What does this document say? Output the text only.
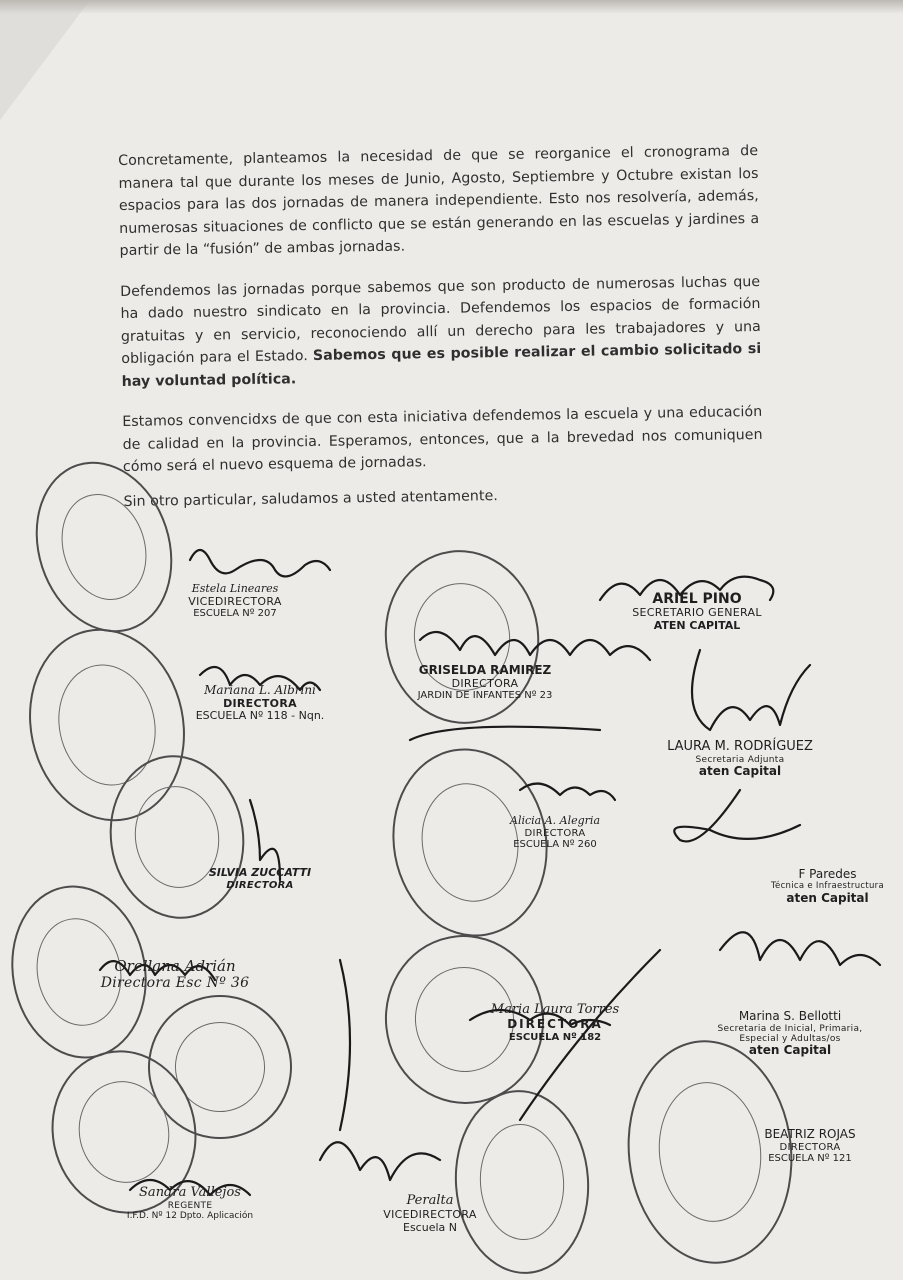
Concretamente, planteamos la necesidad de que se reorganice el cronograma de manera tal que durante los meses de Junio, Agosto, Septiembre y Octubre existan los espacios para las dos jornadas de manera independiente. Esto nos resolvería, además, numerosas situaciones de conflicto que se están generando en las escuelas y jardines a partir de la “fusión” de ambas jornadas.

Defendemos las jornadas porque sabemos que son producto de numerosas luchas que ha dado nuestro sindicato en la provincia. Defendemos los espacios de formación gratuitas y en servicio, reconociendo allí un derecho para les trabajadores y una obligación para el Estado. Sabemos que es posible realizar el cambio solicitado si hay voluntad política.

Estamos convencidxs de que con esta iniciativa defendemos la escuela y una educación de calidad en la provincia. Esperamos, entonces, que a la brevedad nos comuniquen cómo será el nuevo esquema de jornadas.

Sin otro particular, saludamos a usted atentamente.

Estela Lineares
VICEDIRECTORA
ESCUELA Nº 207
ARIEL PINO
SECRETARIO GENERAL
ATEN CAPITAL
GRISELDA RAMIREZ
DIRECTORA
JARDIN DE INFANTES Nº 23
Mariana L. Albrini
DIRECTORA
ESCUELA Nº 118 - Nqn.
LAURA M. RODRÍGUEZ
Secretaria Adjunta
aten Capital
Alicia A. Alegria
DIRECTORA
ESCUELA Nº 260
SILVIA ZUCCATTI
DIRECTORA
F Paredes
Técnica e Infraestructura
aten Capital
Orellana Adrián
Directora Esc Nº 36
Maria Laura Torres
DIRECTORA
ESCUELA Nº 182
Marina S. Bellotti
Secretaria de Inicial, Primaria, Especial y Adultas/os
aten Capital
BEATRIZ ROJAS
DIRECTORA
ESCUELA Nº 121
Sandra Vallejos
REGENTE
I.F.D. Nº 12 Dpto. Aplicación
Peralta
VICEDIRECTORA
Escuela N
